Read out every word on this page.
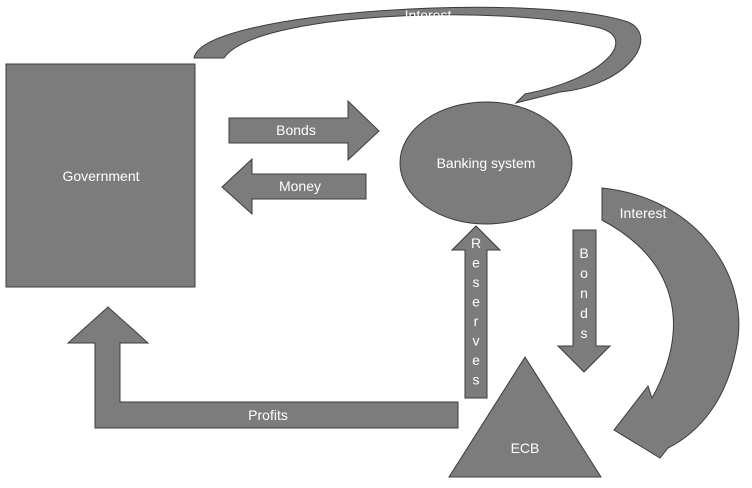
Interest
Government
Bonds
Money
Banking system
Interest
R e s e r v e s
B o n d s
Profits
ECB
